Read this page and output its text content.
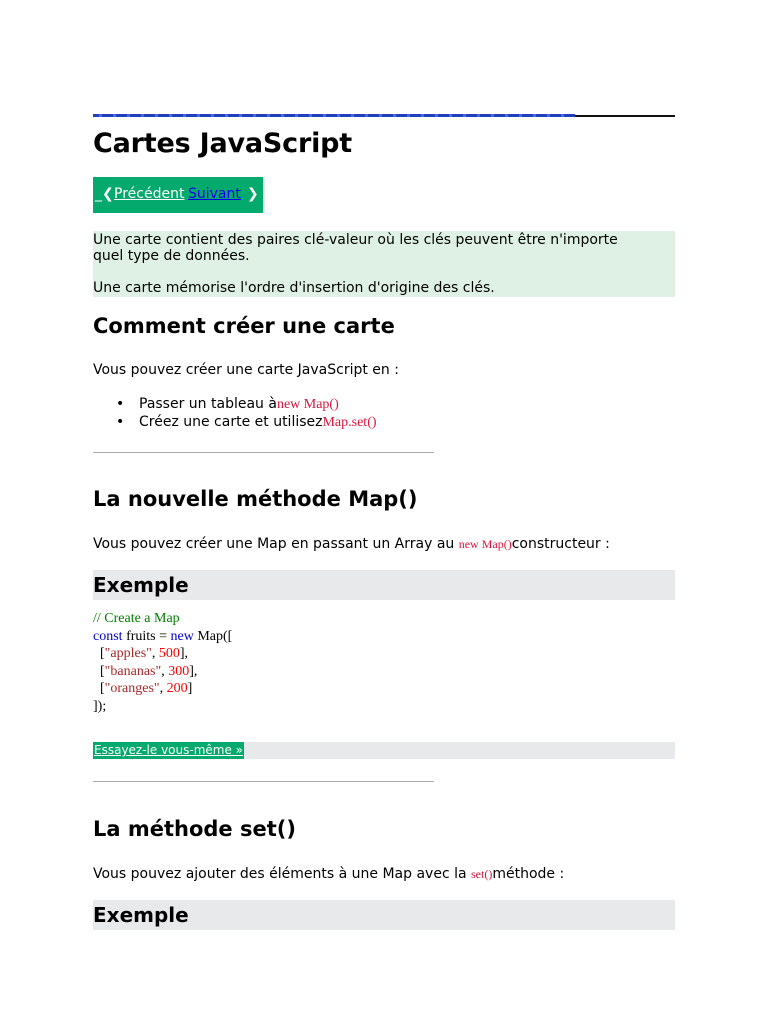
Cartes JavaScript
_ ❮ Précédent Suivant ❯

Une carte contient des paires clé-valeur où les clés peuvent être n'importe

quel type de données.

Une carte mémorise l'ordre d'insertion d'origine des clés.

Comment créer une carte
Vous pouvez créer une carte JavaScript en :
• Passer un tableau ànew Map()
• Créez une carte et utilisezMap.set()
La nouvelle méthode Map()
Vous pouvez créer une Map en passant un Array au new Map()constructeur :
Exemple
// Create a Map
const fruits = new Map([
["apples", 500],
["bananas", 300],
["oranges", 200]
]);
Essayez-le vous-même »
La méthode set()
Vous pouvez ajouter des éléments à une Map avec la set()méthode :
Exemple
